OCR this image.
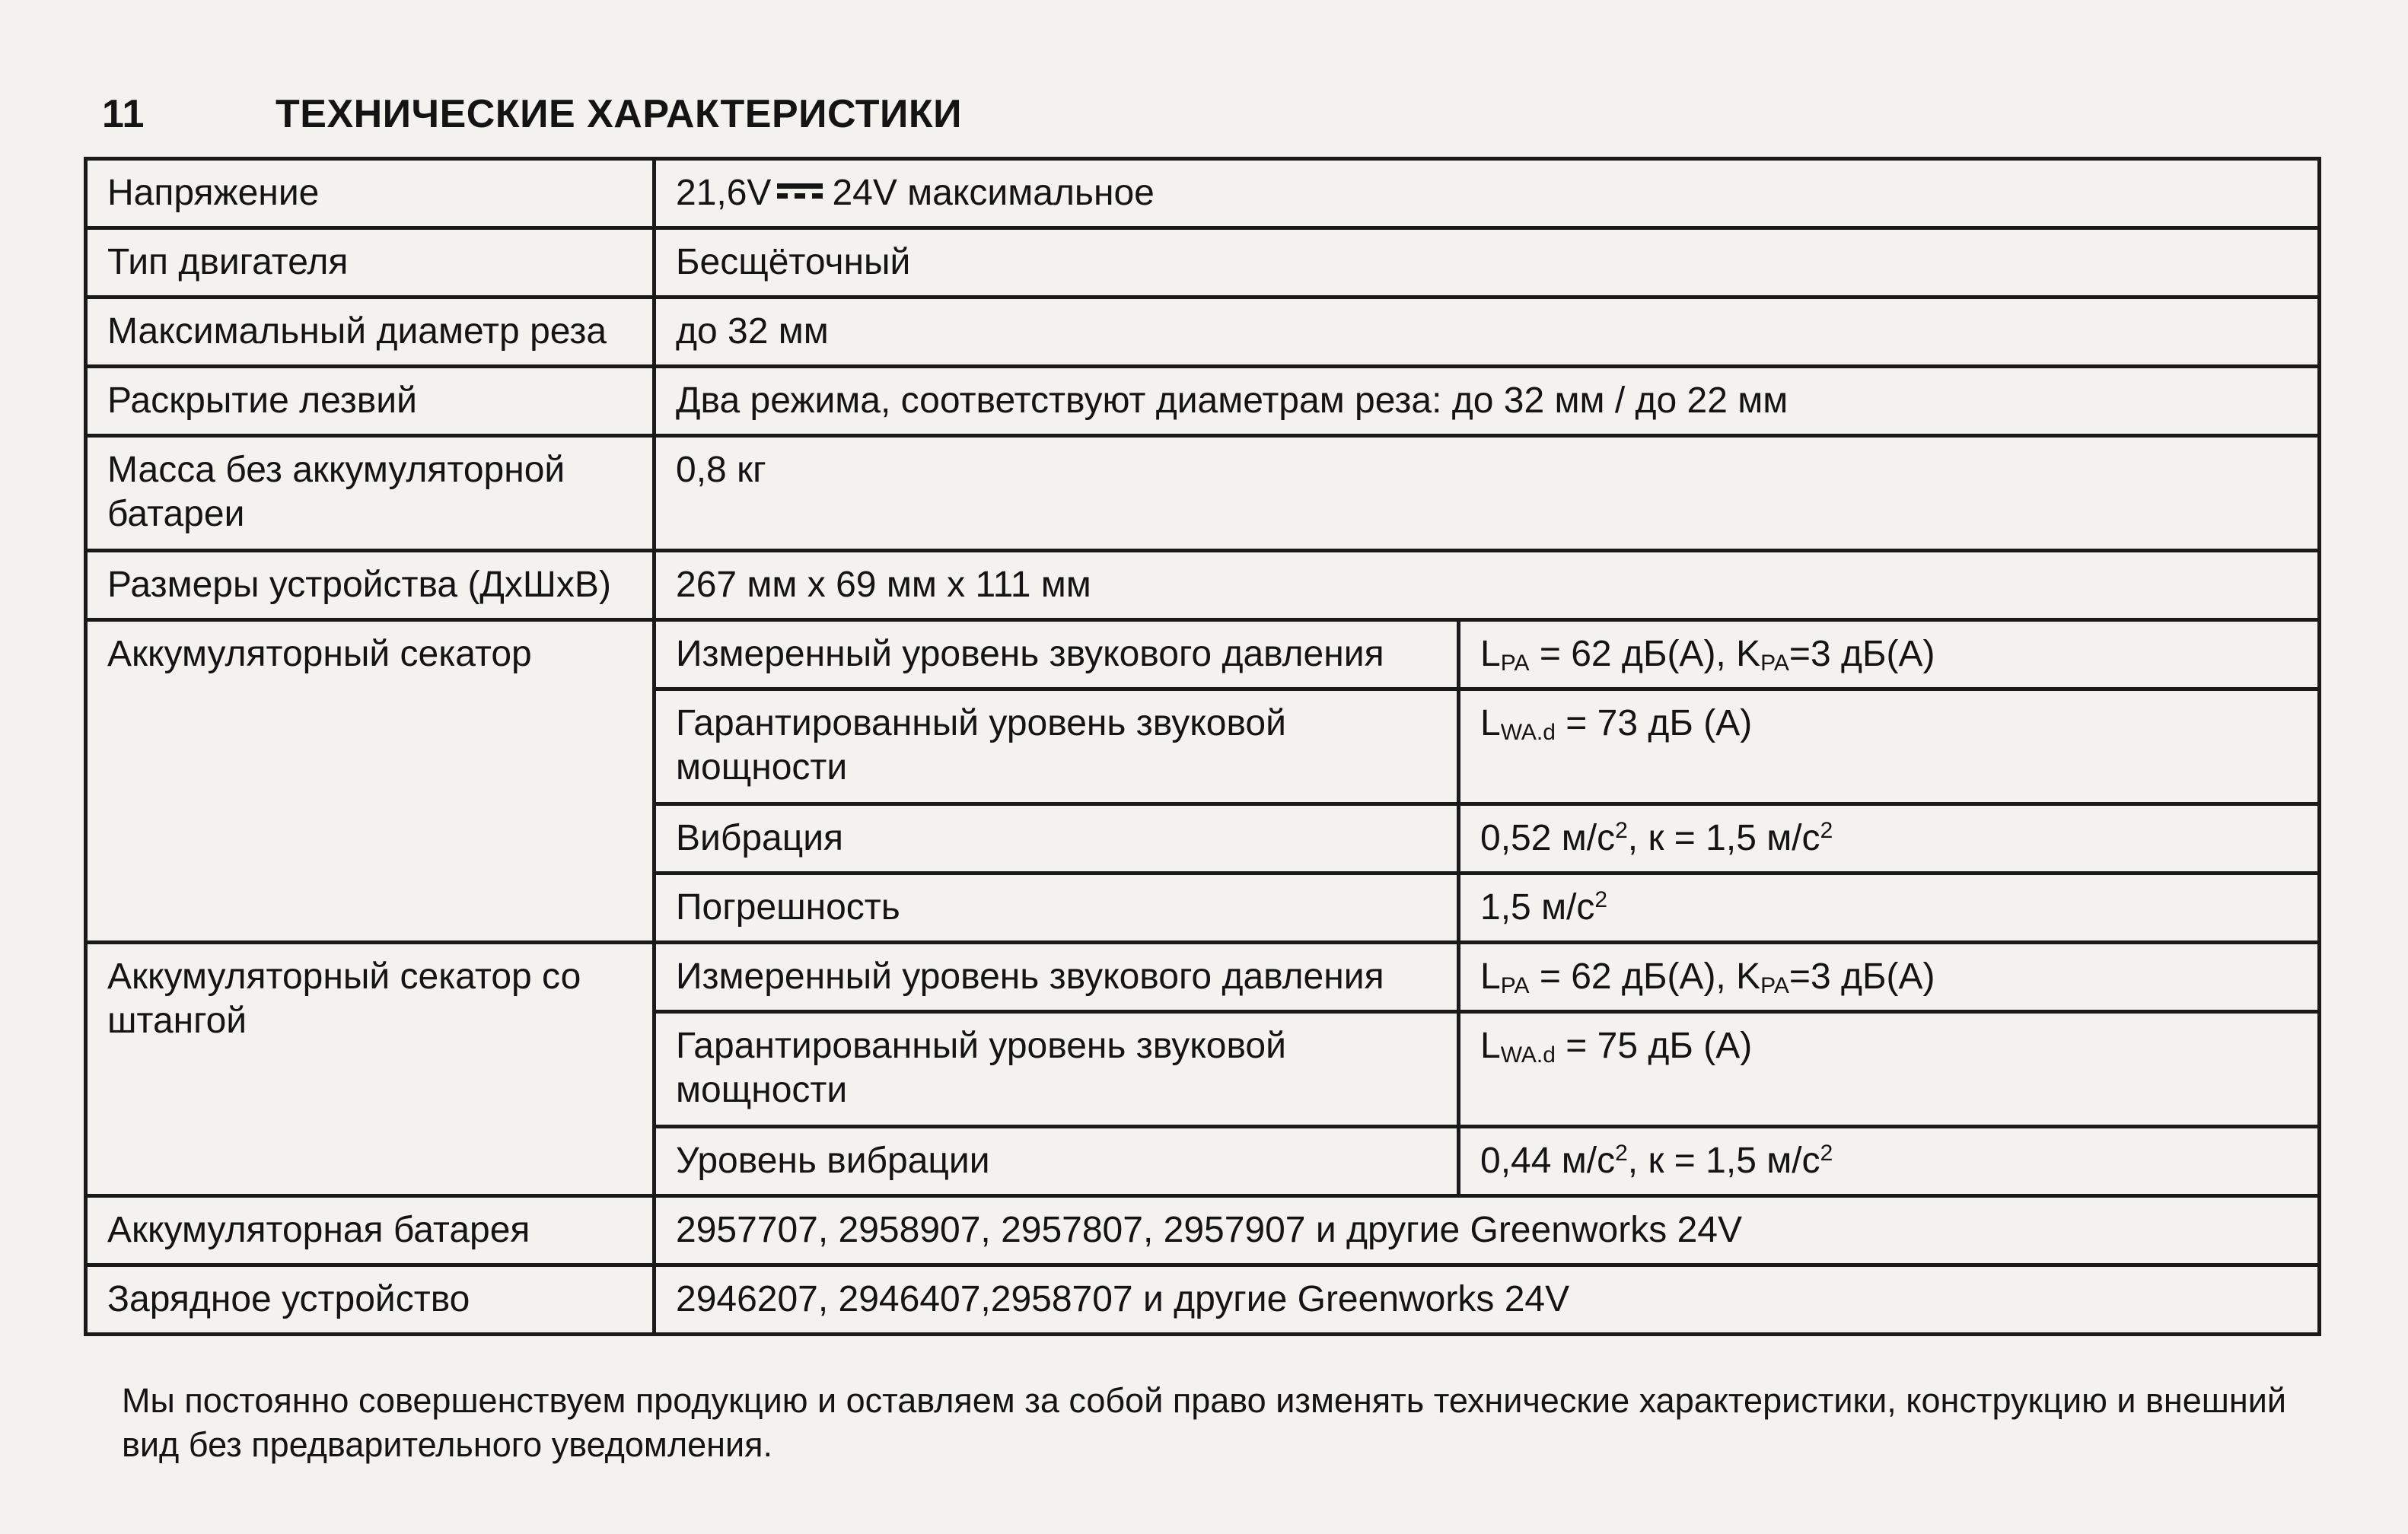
11	ТЕХНИЧЕСКИЕ ХАРАКТЕРИСТИКИ
Напряжение	21,6V 24V максимальное	
Тип двигателя	Бесщёточный	
Максимальный диаметр реза	до 32 мм	
Раскрытие лезвий	Два режима, соответствуют диаметрам реза: до 32 мм / до 22 мм	
Масса без аккумуляторной батареи	0,8 кг	
Размеры устройства (ДхШхВ)	267 мм x 69 мм x 111 мм	
Аккумуляторный секатор	Измеренный уровень звукового давления	$L_{PA} = 62$ дБ(А), $K_{PA}=3$ дБ(А)
	Гарантированный уровень звуковой мощности	$L_{WA.d} = 73$ дБ (А)
	Вибрация	0,52 $м/с^2$, к = 1,5 $м/с^2$
	Погрешность	1,5 $м/с^2$
Аккумуляторный секатор со штангой	Измеренный уровень звукового давления	$L_{PA} = 62$ дБ(А), $K_{PA}=3$ дБ(А)
	Гарантированный уровень звуковой мощности	$L_{WA.d} = 75$ дБ (А)
	Уровень вибрации	0,44 $м/с^2$, к = 1,5 $м/с^2$
Аккумуляторная батарея	2957707, 2958907, 2957807, 2957907 и другие Greenworks 24V	
Зарядное устройство	2946207, 2946407,2958707 и другие Greenworks 24V	
Мы постоянно совершенствуем продукцию и оставляем за собой право изменять технические характеристики, конструкцию и внешний вид без предварительного уведомления.
